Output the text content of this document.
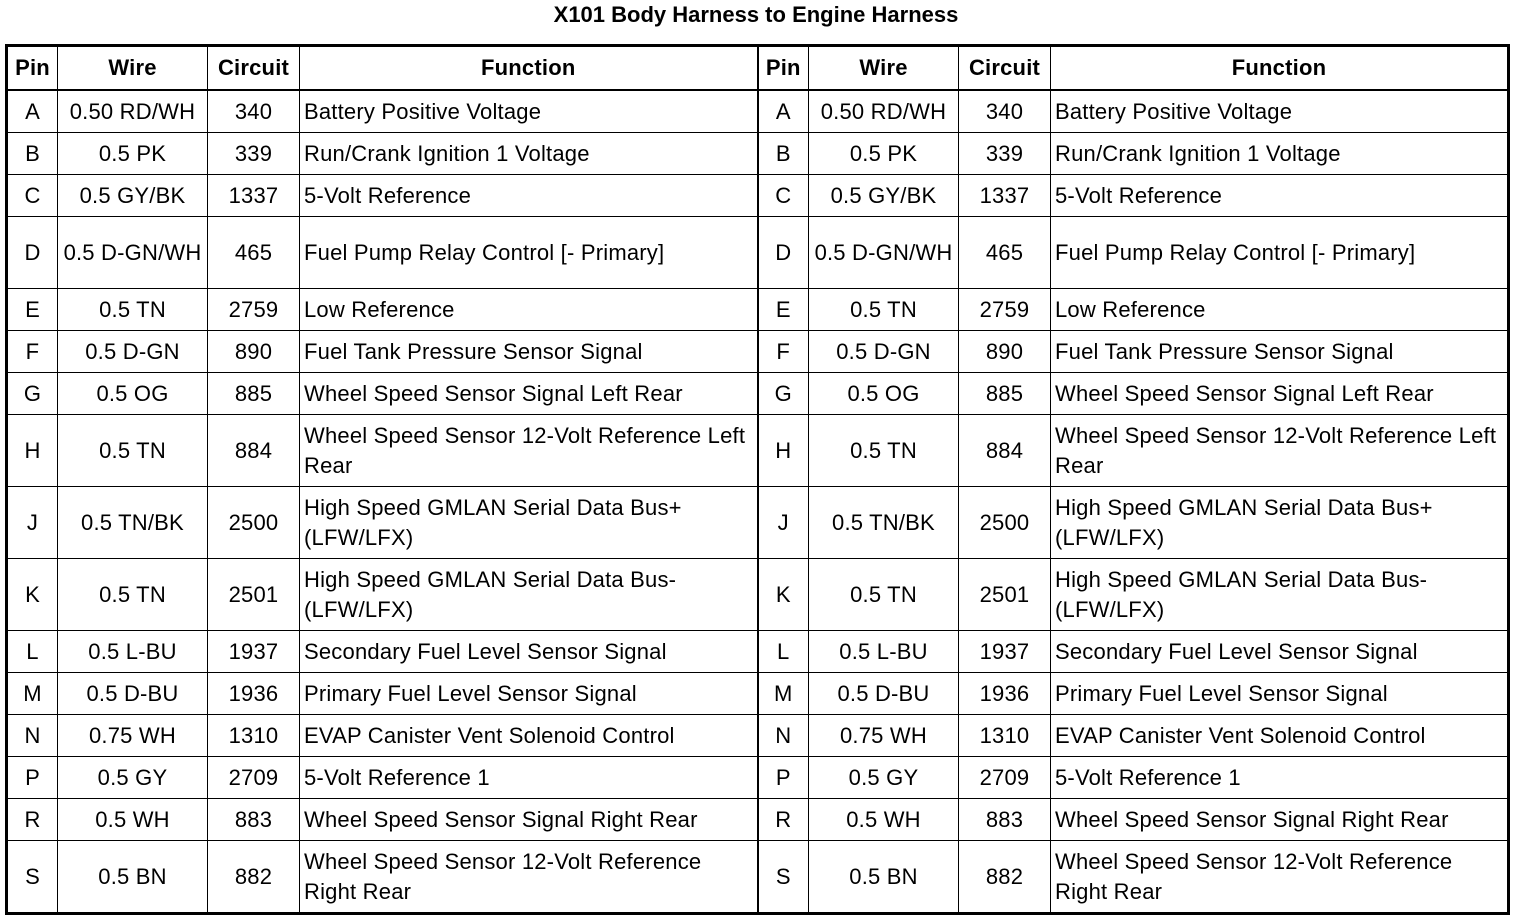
X101 Body Harness to Engine Harness
Pin	Wire	Circuit	Function	Pin	Wire	Circuit	Function
A	0.50 RD/WH	340	Battery Positive Voltage	A	0.50 RD/WH	340	Battery Positive Voltage
B	0.5 PK	339	Run/Crank Ignition 1 Voltage	B	0.5 PK	339	Run/Crank Ignition 1 Voltage
C	0.5 GY/BK	1337	5-Volt Reference	C	0.5 GY/BK	1337	5-Volt Reference
D	0.5 D-GN/WH	465	Fuel Pump Relay Control [- Primary]	D	0.5 D-GN/WH	465	Fuel Pump Relay Control [- Primary]
E	0.5 TN	2759	Low Reference	E	0.5 TN	2759	Low Reference
F	0.5 D-GN	890	Fuel Tank Pressure Sensor Signal	F	0.5 D-GN	890	Fuel Tank Pressure Sensor Signal
G	0.5 OG	885	Wheel Speed Sensor Signal Left Rear	G	0.5 OG	885	Wheel Speed Sensor Signal Left Rear
H	0.5 TN	884	Wheel Speed Sensor 12-Volt Reference Left Rear	H	0.5 TN	884	Wheel Speed Sensor 12-Volt Reference Left Rear
J	0.5 TN/BK	2500	High Speed GMLAN Serial Data Bus+ (LFW/LFX)	J	0.5 TN/BK	2500	High Speed GMLAN Serial Data Bus+ (LFW/LFX)
K	0.5 TN	2501	High Speed GMLAN Serial Data Bus-(LFW/LFX)	K	0.5 TN	2501	High Speed GMLAN Serial Data Bus-(LFW/LFX)
L	0.5 L-BU	1937	Secondary Fuel Level Sensor Signal	L	0.5 L-BU	1937	Secondary Fuel Level Sensor Signal
M	0.5 D-BU	1936	Primary Fuel Level Sensor Signal	M	0.5 D-BU	1936	Primary Fuel Level Sensor Signal
N	0.75 WH	1310	EVAP Canister Vent Solenoid Control	N	0.75 WH	1310	EVAP Canister Vent Solenoid Control
P	0.5 GY	2709	5-Volt Reference 1	P	0.5 GY	2709	5-Volt Reference 1
R	0.5 WH	883	Wheel Speed Sensor Signal Right Rear	R	0.5 WH	883	Wheel Speed Sensor Signal Right Rear
S	0.5 BN	882	Wheel Speed Sensor 12-Volt Reference Right Rear	S	0.5 BN	882	Wheel Speed Sensor 12-Volt Reference Right Rear
